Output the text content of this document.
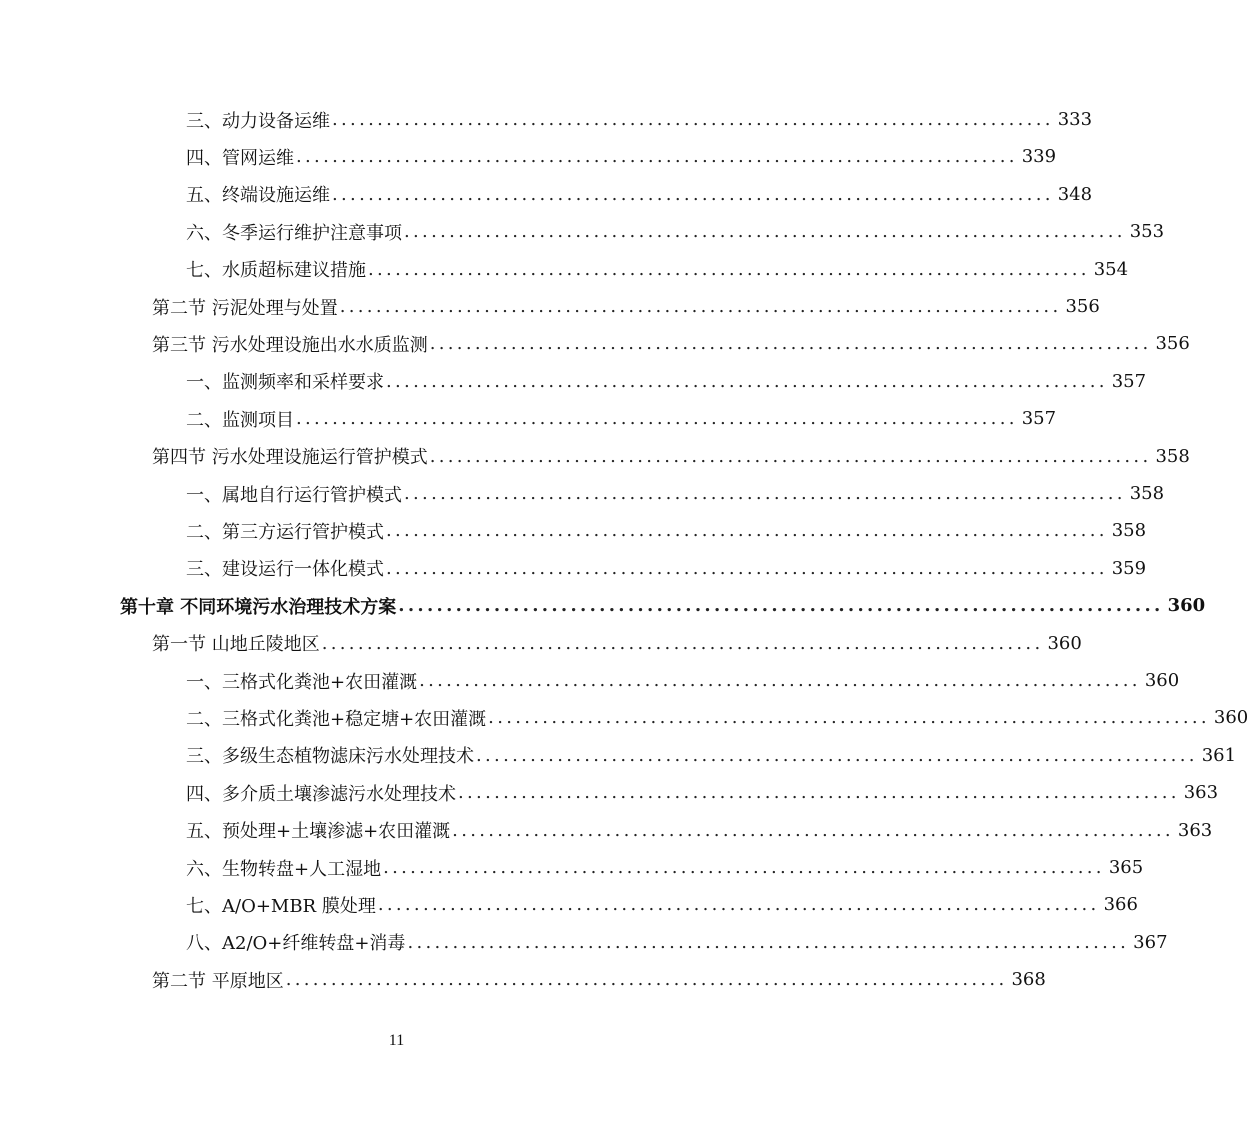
三、动力设备运维 ................................................................................ 333
四、管网运维 ................................................................................ 339
五、终端设施运维 ................................................................................ 348
六、冬季运行维护注意事项 ................................................................................ 353
七、水质超标建议措施 ................................................................................ 354
第二节 污泥处理与处置 ................................................................................ 356
第三节 污水处理设施出水水质监测 ................................................................................ 356
一、监测频率和采样要求 ................................................................................ 357
二、监测项目 ................................................................................ 357
第四节 污水处理设施运行管护模式 ................................................................................ 358
一、属地自行运行管护模式 ................................................................................ 358
二、第三方运行管护模式 ................................................................................ 358
三、建设运行一体化模式 ................................................................................ 359
第十章 不同环境污水治理技术方案 ................................................................................ 360
第一节 山地丘陵地区 ................................................................................ 360
一、三格式化粪池+农田灌溉 ................................................................................ 360
二、三格式化粪池+稳定塘+农田灌溉 ................................................................................ 360
三、多级生态植物滤床污水处理技术 ................................................................................ 361
四、多介质土壤渗滤污水处理技术 ................................................................................ 363
五、预处理+土壤渗滤+农田灌溉 ................................................................................ 363
六、生物转盘+人工湿地 ................................................................................ 365
七、A/O+MBR 膜处理 ................................................................................ 366
八、A2/O+纤维转盘+消毒 ................................................................................ 367
第二节 平原地区 ................................................................................ 368
11
